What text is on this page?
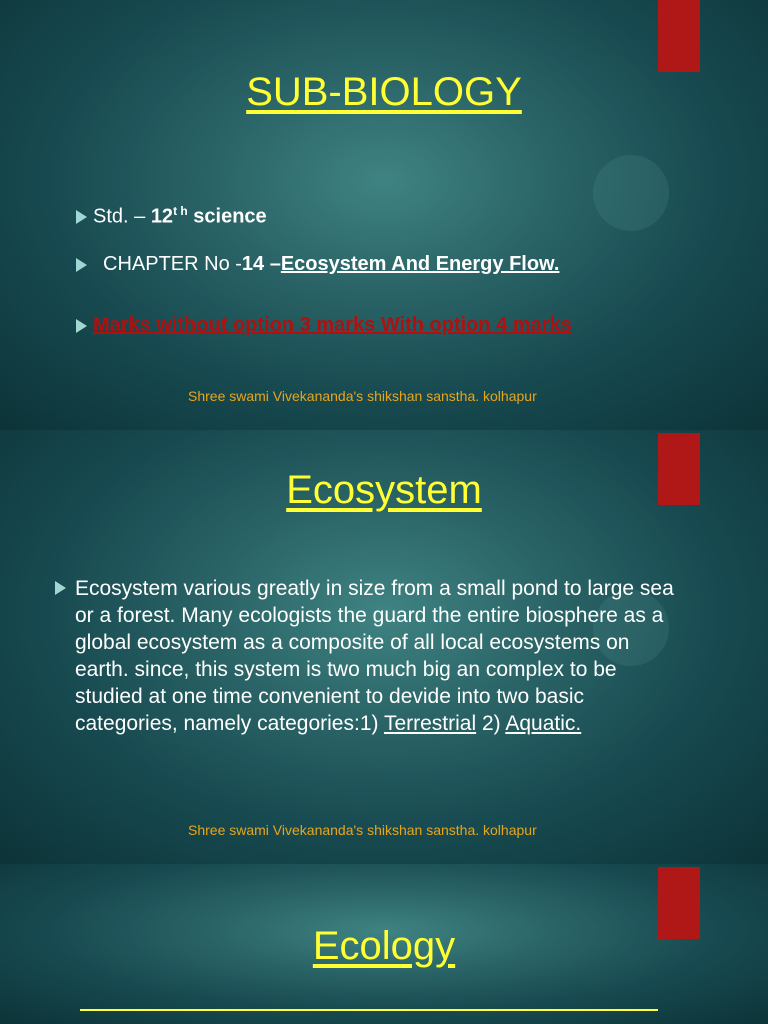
SUB-BIOLOGY
Std. – $12^{t h}$ science
CHAPTER No -14 –Ecosystem And Energy Flow.
Marks without option 3 marks With option 4 marks
Shree swami Vivekananda's shikshan sanstha. kolhapur
Ecosystem
Ecosystem various greatly in size from a small pond to large sea or a forest. Many ecologists the guard the entire biosphere as a global ecosystem as a composite of all local ecosystems on earth. since, this system is two much big an complex to be studied at one time convenient to devide into two basic categories, namely categories:1) Terrestrial 2) Aquatic.
Shree swami Vivekananda's shikshan sanstha. kolhapur
Ecology
